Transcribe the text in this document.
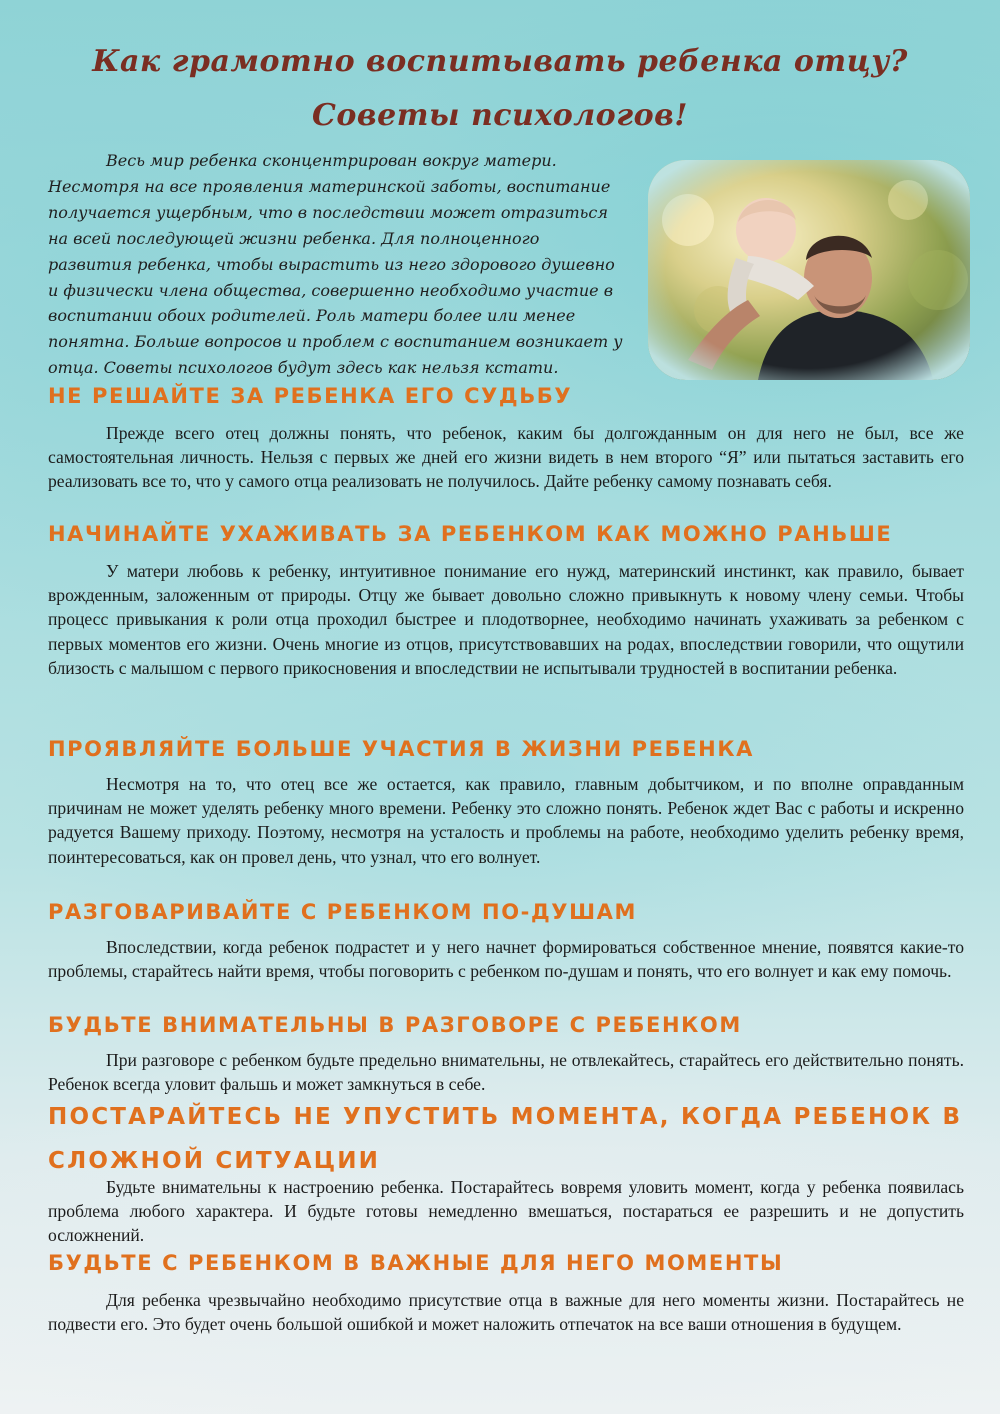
Как грамотно воспитывать ребенка отцу?
Советы психологов!

Весь мир ребенка сконцентрирован вокруг матери. Несмотря на все проявления материнской заботы, воспитание получается ущербным, что в последствии может отразиться на всей последующей жизни ребенка. Для полноценного развития ребенка, чтобы вырастить из него здорового душевно и физически члена общества, совершенно необходимо участие в воспитании обоих родителей. Роль матери более или менее понятна. Больше вопросов и проблем с воспитанием возникает у отца. Советы психологов будут здесь как нельзя кстати.

НЕ РЕШАЙТЕ ЗА РЕБЕНКА ЕГО СУДЬБУ

Прежде всего отец должны понять, что ребенок, каким бы долгожданным он для него не был, все же самостоятельная личность. Нельзя с первых же дней его жизни видеть в нем второго “Я” или пытаться заставить его реализовать все то, что у самого отца реализовать не получилось. Дайте ребенку самому познавать себя.

НАЧИНАЙТЕ УХАЖИВАТЬ ЗА РЕБЕНКОМ КАК МОЖНО РАНЬШЕ

У матери любовь к ребенку, интуитивное понимание его нужд, материнский инстинкт, как правило, бывает врожденным, заложенным от природы. Отцу же бывает довольно сложно привыкнуть к новому члену семьи. Чтобы процесс привыкания к роли отца проходил быстрее и плодотворнее, необходимо начинать ухаживать за ребенком с первых моментов его жизни. Очень многие из отцов, присутствовавших на родах, впоследствии говорили, что ощутили близость с малышом с первого прикосновения и впоследствии не испытывали трудностей в воспитании ребенка.

ПРОЯВЛЯЙТЕ БОЛЬШЕ УЧАСТИЯ В ЖИЗНИ РЕБЕНКА

Несмотря на то, что отец все же остается, как правило, главным добытчиком, и по вполне оправданным причинам не может уделять ребенку много времени. Ребенку это сложно понять. Ребенок ждет Вас с работы и искренно радуется Вашему приходу. Поэтому, несмотря на усталость и проблемы на работе, необходимо уделить ребенку время, поинтересоваться, как он провел день, что узнал, что его волнует.

РАЗГОВАРИВАЙТЕ С РЕБЕНКОМ ПО-ДУШАМ

Впоследствии, когда ребенок подрастет и у него начнет формироваться собственное мнение, появятся какие-то проблемы, старайтесь найти время, чтобы поговорить с ребенком по-душам и понять, что его волнует и как ему помочь.

БУДЬТЕ ВНИМАТЕЛЬНЫ В РАЗГОВОРЕ С РЕБЕНКОМ

При разговоре с ребенком будьте предельно внимательны, не отвлекайтесь, старайтесь его действительно понять. Ребенок всегда уловит фальшь и может замкнуться в себе.

ПОСТАРАЙТЕСЬ НЕ УПУСТИТЬ МОМЕНТА, КОГДА РЕБЕНОК В СЛОЖНОЙ СИТУАЦИИ

Будьте внимательны к настроению ребенка. Постарайтесь вовремя уловить момент, когда у ребенка появилась проблема любого характера. И будьте готовы немедленно вмешаться, постараться ее разрешить и не допустить осложнений.

БУДЬТЕ С РЕБЕНКОМ В ВАЖНЫЕ ДЛЯ НЕГО МОМЕНТЫ

Для ребенка чрезвычайно необходимо присутствие отца в важные для него моменты жизни. Постарайтесь не подвести его. Это будет очень большой ошибкой и может наложить отпечаток на все ваши отношения в будущем.
